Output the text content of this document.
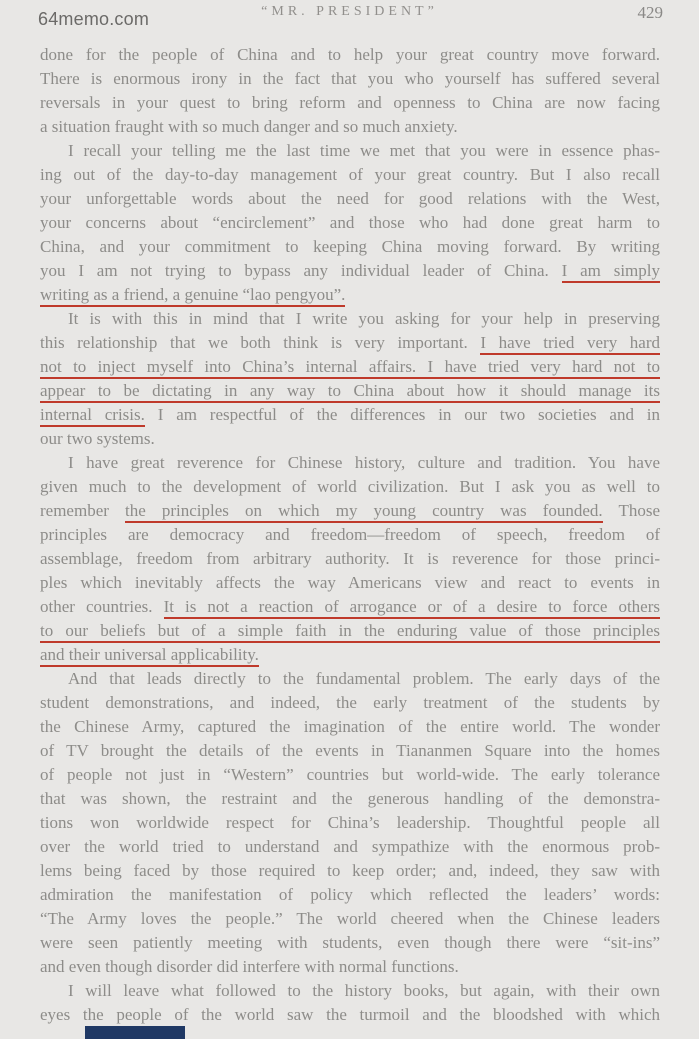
64memo.com	“MR. PRESIDENT”	429
done for the people of China and to help your great country move forward.
There is enormous irony in the fact that you who yourself has suffered several
reversals in your quest to bring reform and openness to China are now facing
a situation fraught with so much danger and so much anxiety.
I recall your telling me the last time we met that you were in essence phas-
ing out of the day-to-day management of your great country. But I also recall
your unforgettable words about the need for good relations with the West,
your concerns about “encirclement” and those who had done great harm to
China, and your commitment to keeping China moving forward. By writing
you I am not trying to bypass any individual leader of China. I am simply
writing as a friend, a genuine “lao pengyou”.
It is with this in mind that I write you asking for your help in preserving
this relationship that we both think is very important. I have tried very hard
not to inject myself into China’s internal affairs. I have tried very hard not to
appear to be dictating in any way to China about how it should manage its
internal crisis. I am respectful of the differences in our two societies and in
our two systems.
I have great reverence for Chinese history, culture and tradition. You have
given much to the development of world civilization. But I ask you as well to
remember the principles on which my young country was founded. Those
principles are democracy and freedom—freedom of speech, freedom of
assemblage, freedom from arbitrary authority. It is reverence for those princi-
ples which inevitably affects the way Americans view and react to events in
other countries. It is not a reaction of arrogance or of a desire to force others
to our beliefs but of a simple faith in the enduring value of those principles
and their universal applicability.
And that leads directly to the fundamental problem. The early days of the
student demonstrations, and indeed, the early treatment of the students by
the Chinese Army, captured the imagination of the entire world. The wonder
of TV brought the details of the events in Tiananmen Square into the homes
of people not just in “Western” countries but world-wide. The early tolerance
that was shown, the restraint and the generous handling of the demonstra-
tions won worldwide respect for China’s leadership. Thoughtful people all
over the world tried to understand and sympathize with the enormous prob-
lems being faced by those required to keep order; and, indeed, they saw with
admiration the manifestation of policy which reflected the leaders’ words:
“The Army loves the people.” The world cheered when the Chinese leaders
were seen patiently meeting with students, even though there were “sit-ins”
and even though disorder did interfere with normal functions.
I will leave what followed to the history books, but again, with their own
eyes the people of the world saw the turmoil and the bloodshed with which
